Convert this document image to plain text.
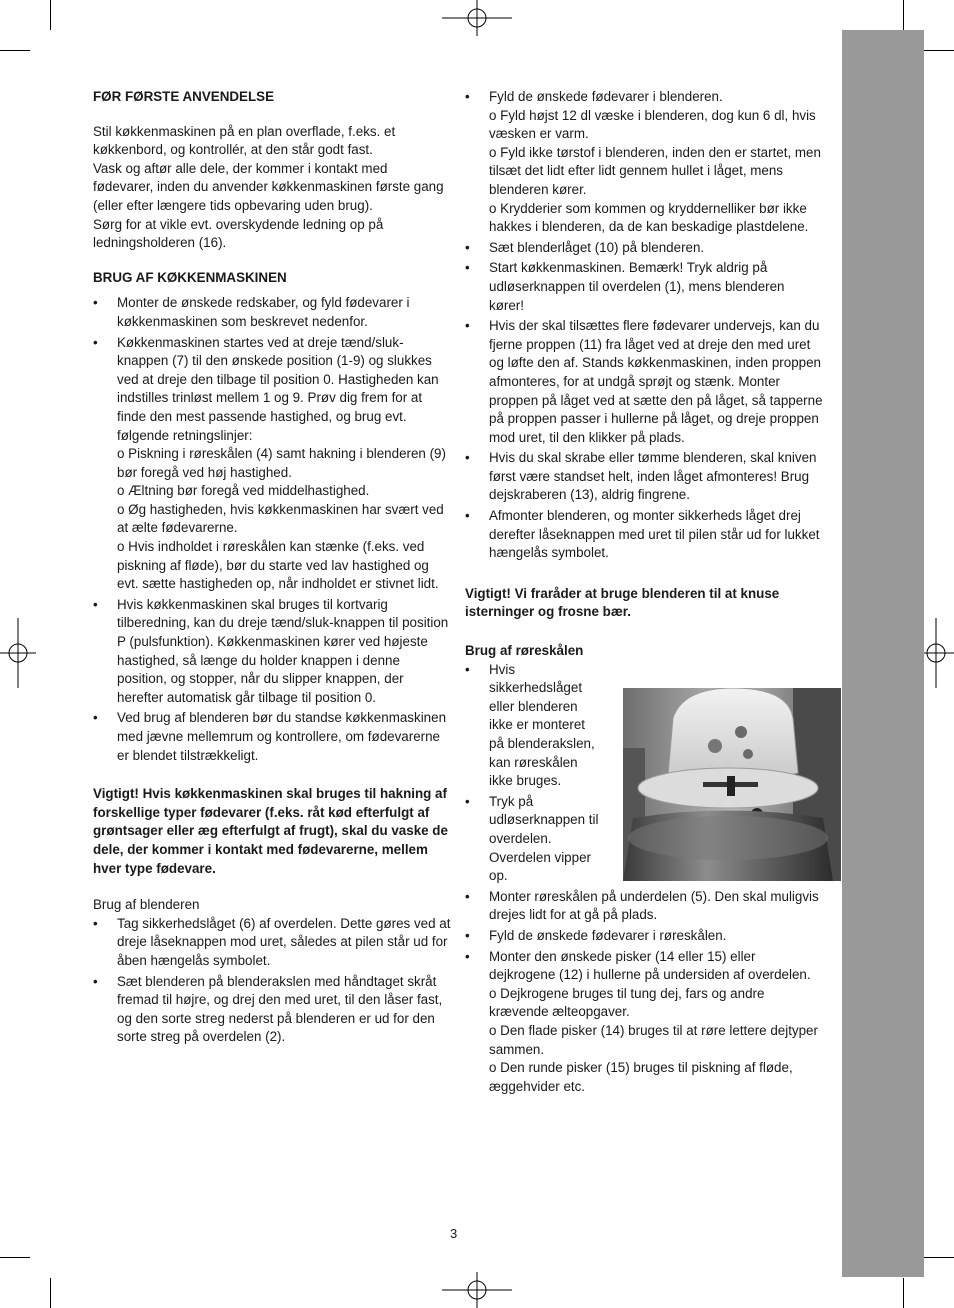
FØR FØRSTE ANVENDELSE

Stil køkkenmaskinen på en plan overflade, f.eks. et køkkenbord, og kontrollér, at den står godt fast.

Vask og aftør alle dele, der kommer i kontakt med fødevarer, inden du anvender køkkenmaskinen første gang (eller efter længere tids opbevaring uden brug).

Sørg for at vikle evt. overskydende ledning op på ledningsholderen (16).

BRUG AF KØKKENMASKINEN
•	Monter de ønskede redskaber, og fyld fødevarer i køkkenmaskinen som beskrevet nedenfor.
•	Køkkenmaskinen startes ved at dreje tænd/sluk-knappen (7) til den ønskede position (1-9) og slukkes ved at dreje den tilbage til position 0. Hastigheden kan indstilles trinløst mellem 1 og 9. Prøv dig frem for at finde den mest passende hastighed, og brug evt. følgende retningslinjer:
o Piskning i røreskålen (4) samt hakning i blenderen (9) bør foregå ved høj hastighed.
o Æltning bør foregå ved middelhastighed.
o Øg hastigheden, hvis køkkenmaskinen har svært ved at ælte fødevarerne.
o Hvis indholdet i røreskålen kan stænke (f.eks. ved piskning af fløde), bør du starte ved lav hastighed og evt. sætte hastigheden op, når indholdet er stivnet lidt.
•	Hvis køkkenmaskinen skal bruges til kortvarig tilberedning, kan du dreje tænd/sluk-knappen til position P (pulsfunktion). Køkkenmaskinen kører ved højeste hastighed, så længe du holder knappen i denne position, og stopper, når du slipper knappen, der herefter automatisk går tilbage til position 0.
•	Ved brug af blenderen bør du standse køkkenmaskinen med jævne mellemrum og kontrollere, om fødevarerne er blendet tilstrækkeligt.

Vigtigt! Hvis køkkenmaskinen skal bruges til hakning af forskellige typer fødevarer (f.eks. råt kød efterfulgt af grøntsager eller æg efterfulgt af frugt), skal du vaske de dele, der kommer i kontakt med fødevarerne, mellem hver type fødevare.

Brug af blenderen
•	Tag sikkerhedslåget (6) af overdelen. Dette gøres ved at dreje låseknappen mod uret, således at pilen står ud for åben hængelås symbolet.
•	Sæt blenderen på blenderakslen med håndtaget skråt fremad til højre, og drej den med uret, til den låser fast, og den sorte streg nederst på blenderen er ud for den sorte streg på overdelen (2).
•	Fyld de ønskede fødevarer i blenderen.
o Fyld højst 12 dl væske i blenderen, dog kun 6 dl, hvis væsken er varm.
o Fyld ikke tørstof i blenderen, inden den er startet, men tilsæt det lidt efter lidt gennem hullet i låget, mens blenderen kører.
o Krydderier som kommen og kryddernelliker bør ikke hakkes i blenderen, da de kan beskadige plastdelene.
•	Sæt blenderlåget (10) på blenderen.
•	Start køkkenmaskinen. Bemærk! Tryk aldrig på udløserknappen til overdelen (1), mens blenderen kører!
•	Hvis der skal tilsættes flere fødevarer undervejs, kan du fjerne proppen (11) fra låget ved at dreje den med uret og løfte den af. Stands køkkenmaskinen, inden proppen afmonteres, for at undgå sprøjt og stænk. Monter proppen på låget ved at sætte den på låget, så tapperne på proppen passer i hullerne på låget, og dreje proppen mod uret, til den klikker på plads.
•	Hvis du skal skrabe eller tømme blenderen, skal kniven først være standset helt, inden låget afmonteres! Brug dejskraberen (13), aldrig fingrene.
•	Afmonter blenderen, og monter sikkerheds låget drej derefter låseknappen med uret til pilen står ud for lukket hængelås symbolet.

Vigtigt! Vi fraråder at bruge blenderen til at knuse isterninger og frosne bær.

Brug af røreskålen
•	Hvis sikkerhedslåget eller blenderen ikke er monteret på blenderakslen, kan røreskålen ikke bruges.
•	Tryk på udløserknappen til overdelen. Overdelen vipper op.
•	Monter røreskålen på underdelen (5). Den skal muligvis drejes lidt for at gå på plads.
•	Fyld de ønskede fødevarer i røreskålen.
•	Monter den ønskede pisker (14 eller 15) eller dejkrogene (12) i hullerne på undersiden af overdelen.
o Dejkrogene bruges til tung dej, fars og andre krævende ælteopgaver.
o Den flade pisker (14) bruges til at røre lettere dejtyper sammen.
o Den runde pisker (15) bruges til piskning af fløde, æggehvider etc.
3
